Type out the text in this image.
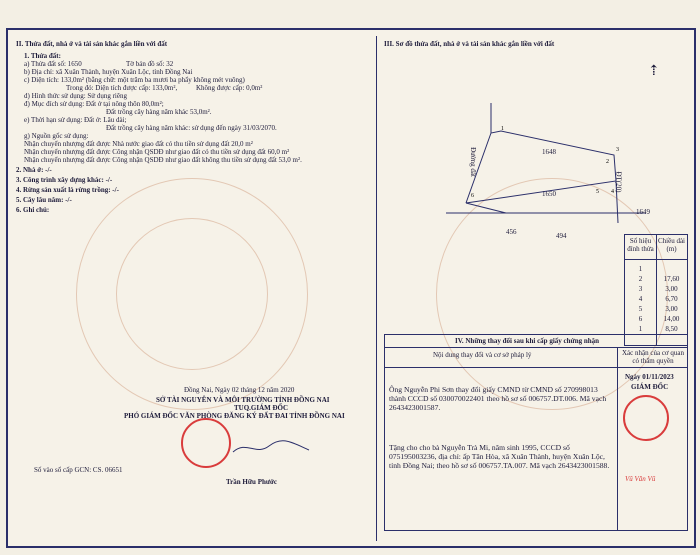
II. Thửa đất, nhà ở và tài sản khác gắn liền với đất
1. Thửa đất:
a) Thửa đất số: 1650	Tờ bản đồ số: 32
b) Địa chỉ: xã Xuân Thành, huyện Xuân Lộc, tỉnh Đồng Nai
c) Diện tích: 133,0m² (bằng chữ: một trăm ba mươi ba phẩy không mét vuông)
Trong đó: Diện tích được cấp: 133,0m²,	Không được cấp: 0,0m²
d) Hình thức sử dụng: Sử dụng riêng
đ) Mục đích sử dụng: Đất ở tại nông thôn 80,0m²;
Đất trồng cây hàng năm khác 53,0m².
e) Thời hạn sử dụng: Đất ở: Lâu dài;
Đất trồng cây hàng năm khác: sử dụng đến ngày 31/03/2070.
g) Nguồn gốc sử dụng:
Nhận chuyển nhượng đất được Nhà nước giao đất có thu tiền sử dụng đất 20,0 m²
Nhận chuyển nhượng đất được Công nhận QSDĐ như giao đất có thu tiền sử dụng đất 60,0 m²
Nhận chuyển nhượng đất được Công nhận QSDĐ như giao đất không thu tiền sử dụng đất 53,0 m².
2. Nhà ở: -/-
3. Công trình xây dựng khác: -/-
4. Rừng sản xuất là rừng trồng: -/-
5. Cây lâu năm: -/-
6. Ghi chú:
Đồng Nai, Ngày 02 tháng 12 năm 2020
SỞ TÀI NGUYÊN VÀ MÔI TRƯỜNG TỈNH ĐỒNG NAI
TUQ.GIÁM ĐỐC
PHÓ GIÁM ĐỐC VĂN PHÒNG ĐĂNG KÝ ĐẤT ĐAI TỈNH ĐỒNG NAI
Trần Hữu Phước
Số vào sổ cấp GCN: CS. 06651
III. Sơ đồ thửa đất, nhà ở và tài sản khác gắn liền với đất
⇡
1
3
2
4
5
6
1648
1650
1649
456	494
Đường đất
ĐT(20)
Số hiệu đỉnh thửa
Chiều dài (m)
1
2	17,60
3	3,00
4	6,70
5	3,00
6	14,00
1	8,50
IV. Những thay đổi sau khi cấp giấy chứng nhận
Nội dung thay đổi và cơ sở pháp lý	Xác nhận của cơ quan có thẩm quyền
Ông Nguyễn Phi Sơn thay đổi giấy CMND từ CMND số 270998013 thành CCCD số 030070022401 theo hồ sơ số 006757.DT.006. Mã vạch 2643423001587.
Tặng cho cho bà Nguyễn Trà Mi, năm sinh 1995, CCCD số 075195003236, địa chỉ: ấp Tân Hòa, xã Xuân Thành, huyện Xuân Lộc, tỉnh Đồng Nai; theo hồ sơ số 006757.TA.007. Mã vạch 2643423001588.
Ngày 01/11/2023
GIÁM ĐỐC
Vũ Văn Vũ
